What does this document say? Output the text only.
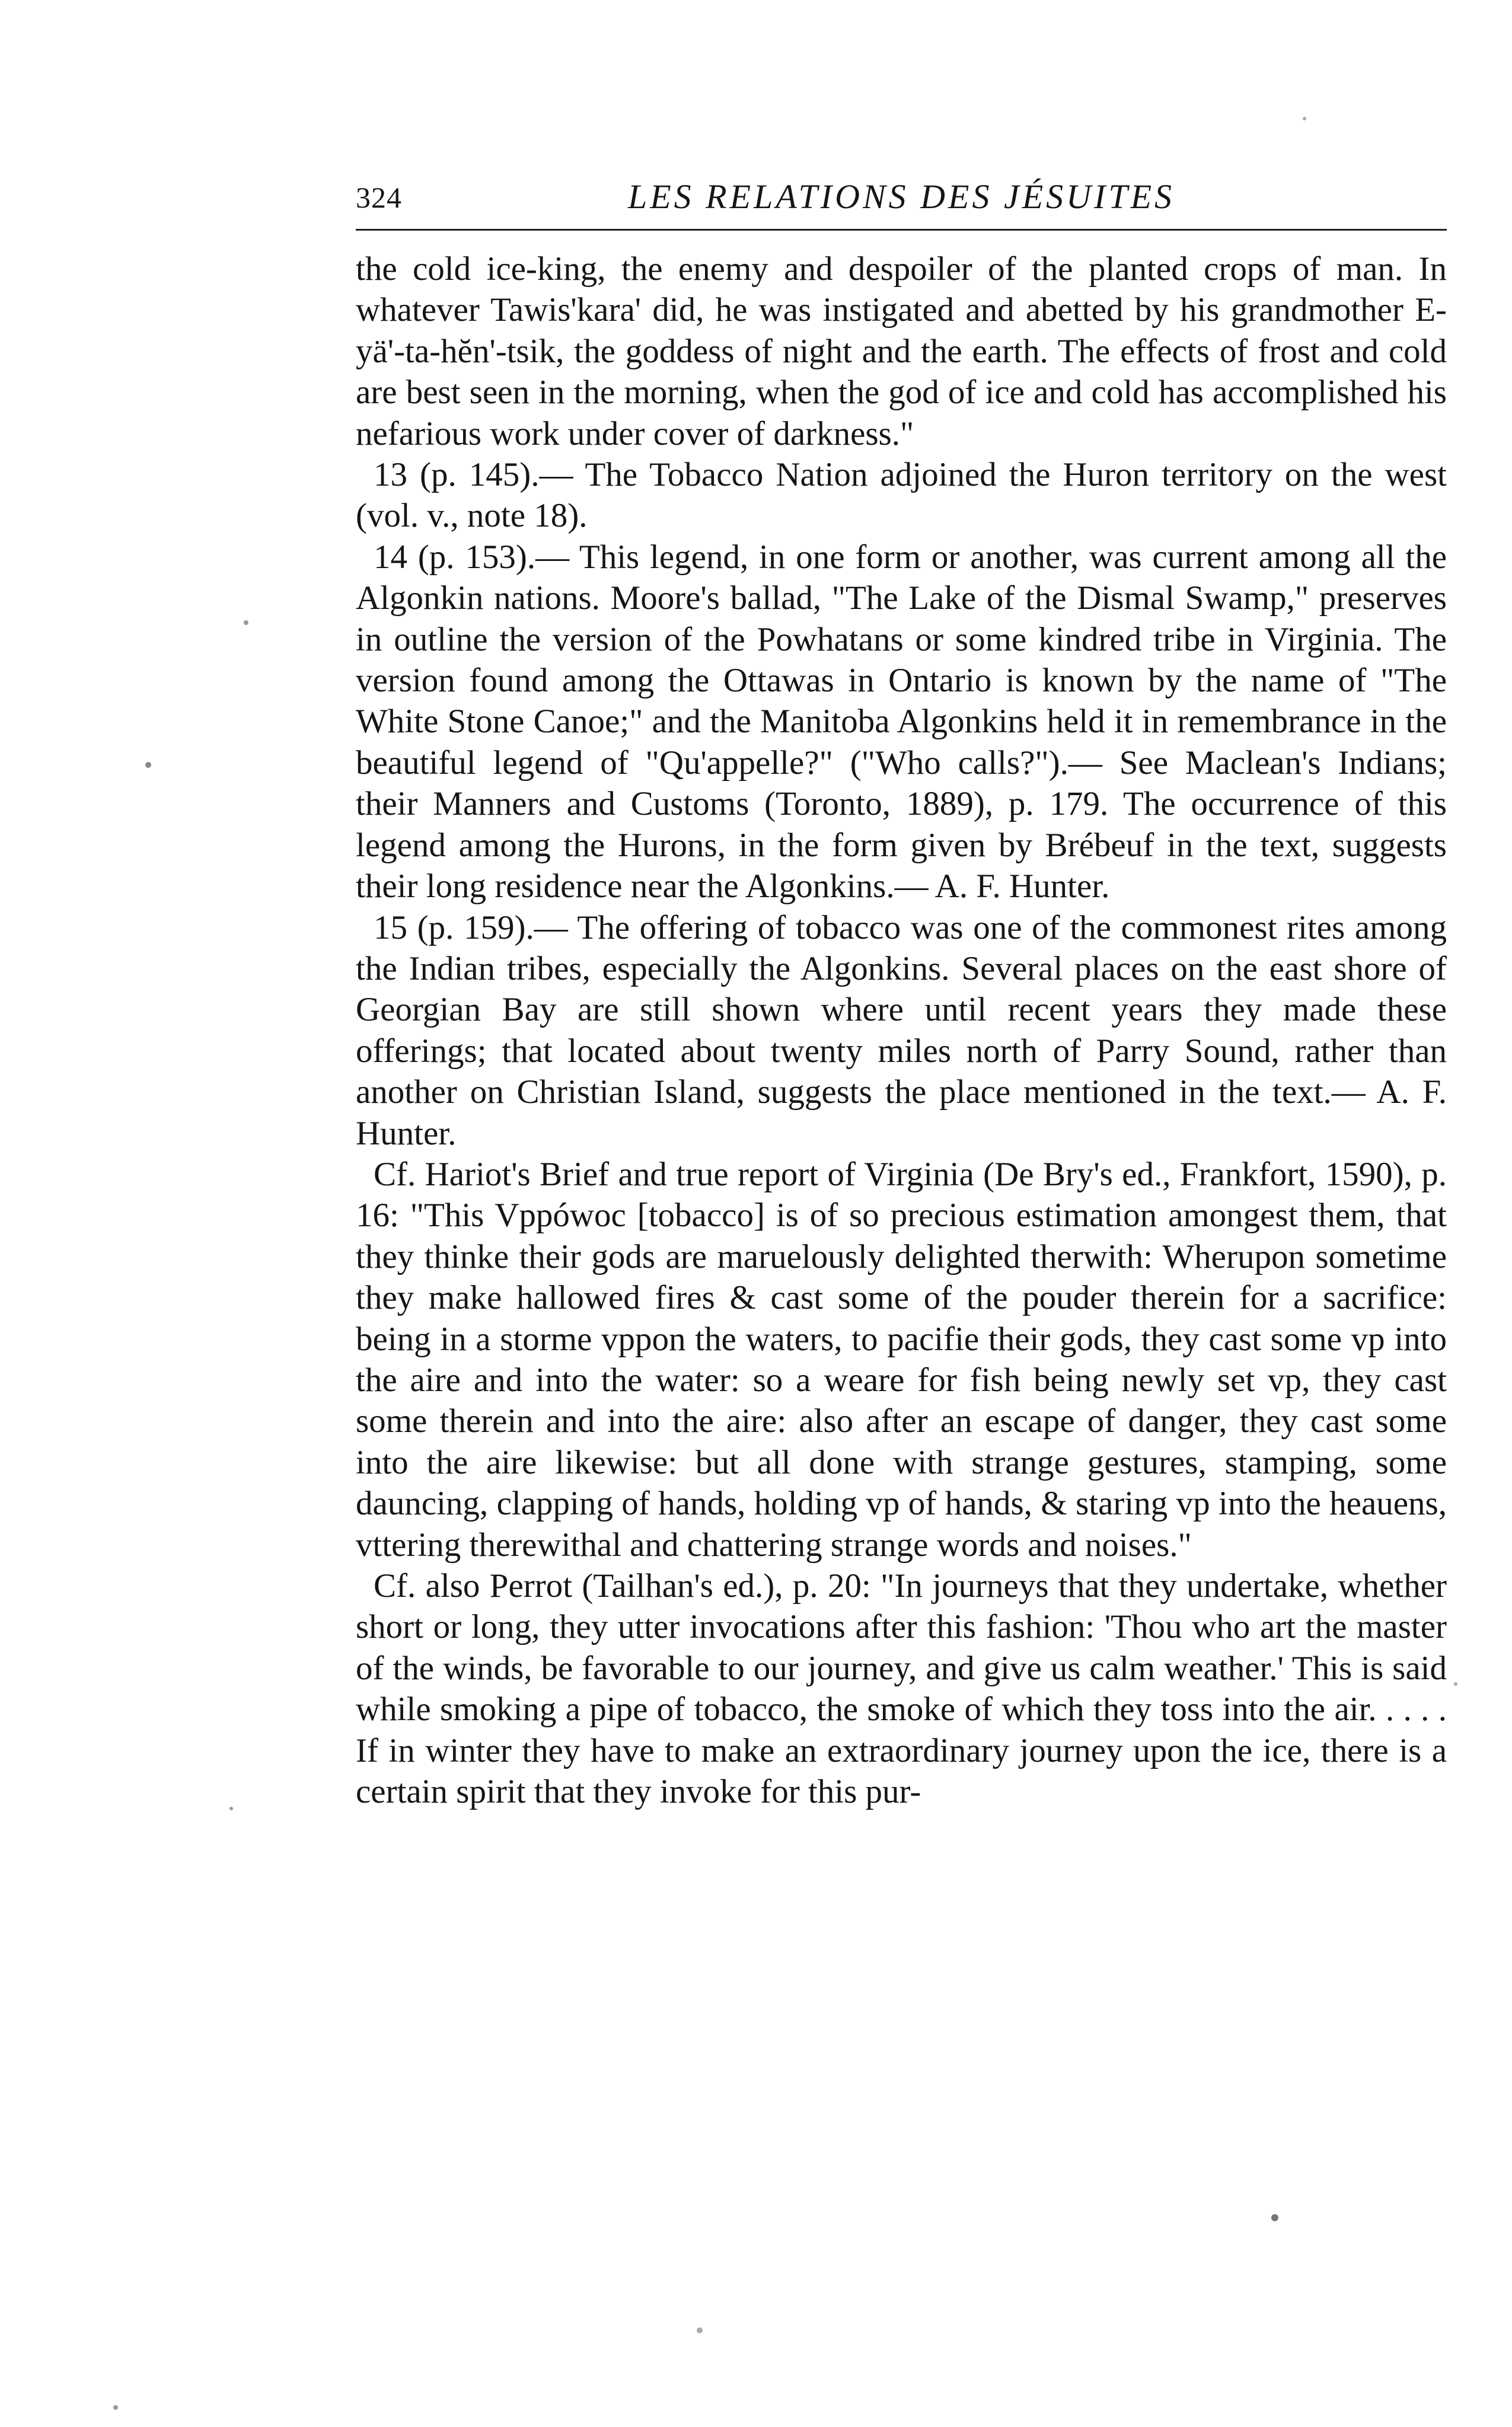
324	LES RELATIONS DES JÉSUITES

the cold ice-king, the enemy and despoiler of the planted crops of man. In whatever Tawis'kara' did, he was instigated and abetted by his grandmother E-yä'-ta-hĕn'-tsik, the goddess of night and the earth. The effects of frost and cold are best seen in the morning, when the god of ice and cold has accomplished his nefarious work under cover of darkness."

13 (p. 145).— The Tobacco Nation adjoined the Huron territory on the west (vol. v., note 18).

14 (p. 153).— This legend, in one form or another, was current among all the Algonkin nations. Moore's ballad, "The Lake of the Dismal Swamp," preserves in outline the version of the Powhatans or some kindred tribe in Virginia. The version found among the Ottawas in Ontario is known by the name of "The White Stone Canoe;" and the Manitoba Algonkins held it in remembrance in the beautiful legend of "Qu'appelle?" ("Who calls?").— See Maclean's Indians; their Manners and Customs (Toronto, 1889), p. 179. The occurrence of this legend among the Hurons, in the form given by Brébeuf in the text, suggests their long residence near the Algonkins.— A. F. Hunter.

15 (p. 159).— The offering of tobacco was one of the commonest rites among the Indian tribes, especially the Algonkins. Several places on the east shore of Georgian Bay are still shown where until recent years they made these offerings; that located about twenty miles north of Parry Sound, rather than another on Christian Island, suggests the place mentioned in the text.— A. F. Hunter.

Cf. Hariot's Brief and true report of Virginia (De Bry's ed., Frankfort, 1590), p. 16: "This Vppówoc [tobacco] is of so precious estimation amongest them, that they thinke their gods are maruelously delighted therwith: Wherupon sometime they make hallowed fires & cast some of the pouder therein for a sacrifice: being in a storme vppon the waters, to pacifie their gods, they cast some vp into the aire and into the water: so a weare for fish being newly set vp, they cast some therein and into the aire: also after an escape of danger, they cast some into the aire likewise: but all done with strange gestures, stamping, some dauncing, clapping of hands, holding vp of hands, & staring vp into the heauens, vttering therewithal and chattering strange words and noises."

Cf. also Perrot (Tailhan's ed.), p. 20: "In journeys that they undertake, whether short or long, they utter invocations after this fashion: 'Thou who art the master of the winds, be favorable to our journey, and give us calm weather.' This is said while smoking a pipe of tobacco, the smoke of which they toss into the air. . . . . If in winter they have to make an extraordinary journey upon the ice, there is a certain spirit that they invoke for this pur-
